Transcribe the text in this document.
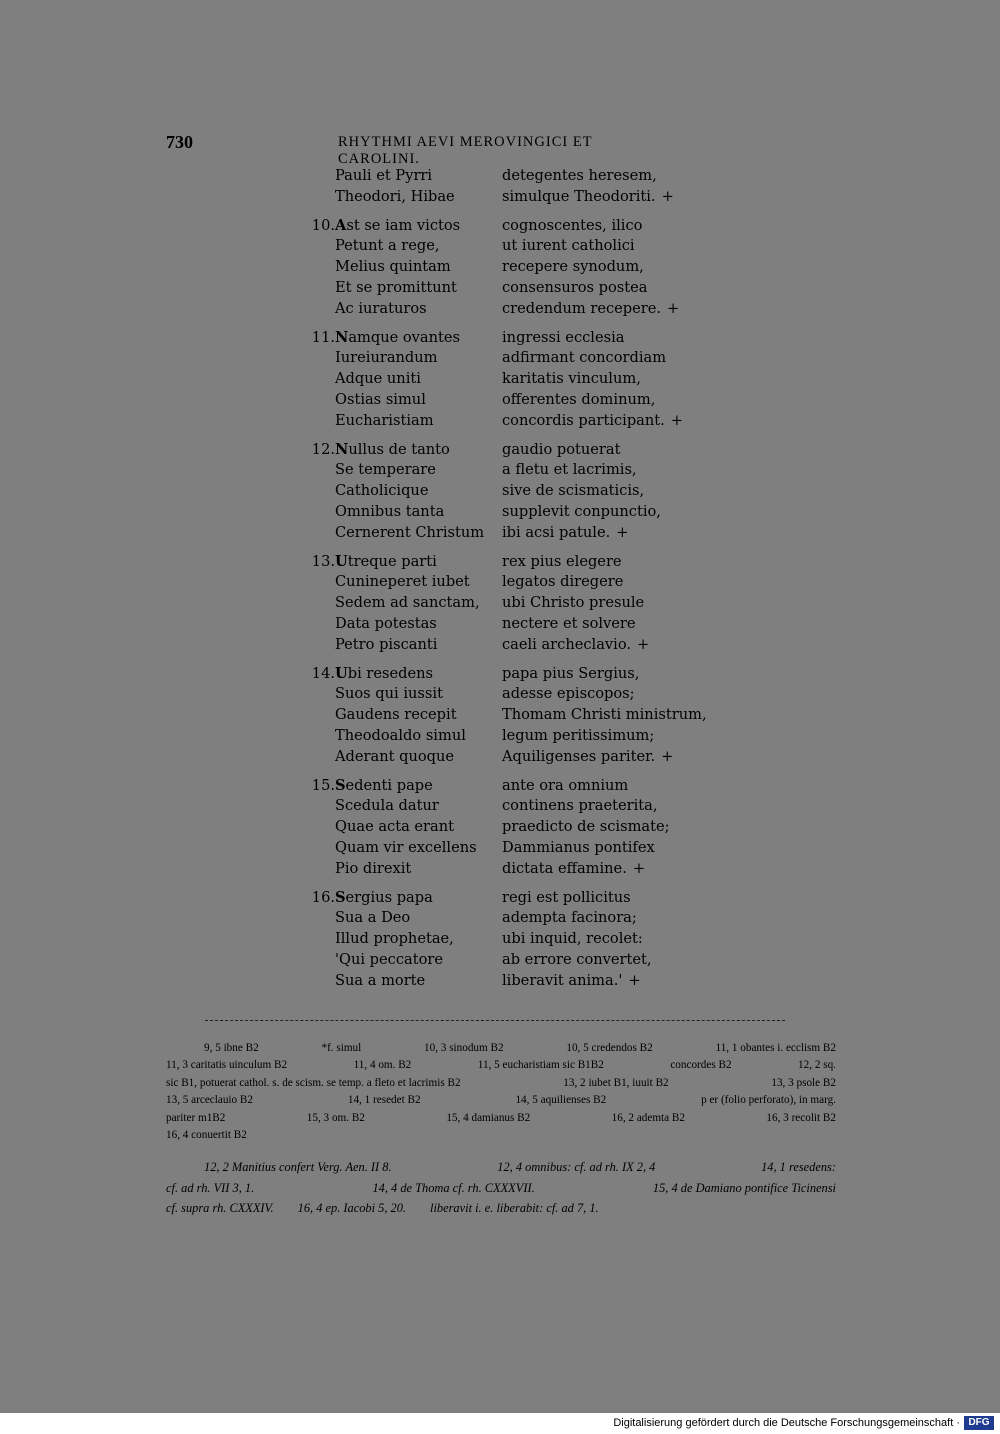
730	RHYTHMI AEVI MEROVINGICI ET CAROLINI.
Pauli et Pyrri	detegentes heresem,
Theodori, Hibae	simulque Theodoriti. +
10. Ast se iam victos	cognoscentes, ilico
Petunt a rege,	ut iurent catholici
Melius quintam	recepere synodum,
Et se promittunt	consensuros postea
Ac iuraturos	credendum recepere. +
11. Namque ovantes	ingressi ecclesia
Iureiurandum	adfirmant concordiam
Adque uniti	karitatis vinculum,
Ostias simul	offerentes dominum,
Eucharistiam	concordis participant. +
12. Nullus de tanto	gaudio potuerat
Se temperare	a fletu et lacrimis,
Catholicique	sive de scismaticis,
Omnibus tanta	supplevit conpunctio,
Cernerent Christum	ibi acsi patule. +
13. Utreque parti	rex pius elegere
Cunineperet iubet	legatos diregere
Sedem ad sanctam,	ubi Christo presule
Data potestas	nectere et solvere
Petro piscanti	caeli archeclavio. +
14. Ubi resedens	papa pius Sergius,
Suos qui iussit	adesse episcopos;
Gaudens recepit	Thomam Christi ministrum,
Theodoaldo simul	legum peritissimum;
Aderant quoque	Aquiligenses pariter. +
15. Sedenti pape	ante ora omnium
Scedula datur	continens praeterita,
Quae acta erant	praedicto de scismate;
Quam vir excellens	Dammianus pontifex
Pio direxit	dictata effamine. +
16. Sergius papa	regi est pollicitus
Sua a Deo	adempta facinora;
Illud prophetae,	ubi inquid, recolet:
'Qui peccatore	ab errore convertet,
Sua a morte	liberavit anima.' +
9, 5 ibne B2	*f. simul	10, 3 sinodum B2	10, 5 credendos B2	11, 1 obantes i. ecclism B2
11, 3 caritatis uinculum B2	11, 4 om. B2	11, 5 eucharistiam sic B1B2	concordes B2	12, 2 sq.
sic B1, potuerat cathol. s. de scism. se temp. a fleto et lacrimis B2	13, 2 iubet B1, iuuit B2	13, 3 psole B2
13, 5 arceclauio B2	14, 1 resedet B2	14, 5 aquilienses B2	p er (folio perforato), in marg.
pariter m1B2	15, 3 om. B2	15, 4 damianus B2	16, 2 ademta B2	16, 3 recolit B2
16, 4 conuertit B2
12, 2 Manitius confert Verg. Aen. II 8.	12, 4 omnibus: cf. ad rh. IX 2, 4	14, 1 resedens:
cf. ad rh. VII 3, 1.	14, 4 de Thoma cf. rh. CXXXVII.	15, 4 de Damiano pontifice Ticinensi
cf. supra rh. CXXXIV. 16, 4 ep. Iacobi 5, 20. liberavit i. e. liberabit: cf. ad 7, 1.
Digitalisierung gefördert durch die Deutsche Forschungsgemeinschaft · DFG
